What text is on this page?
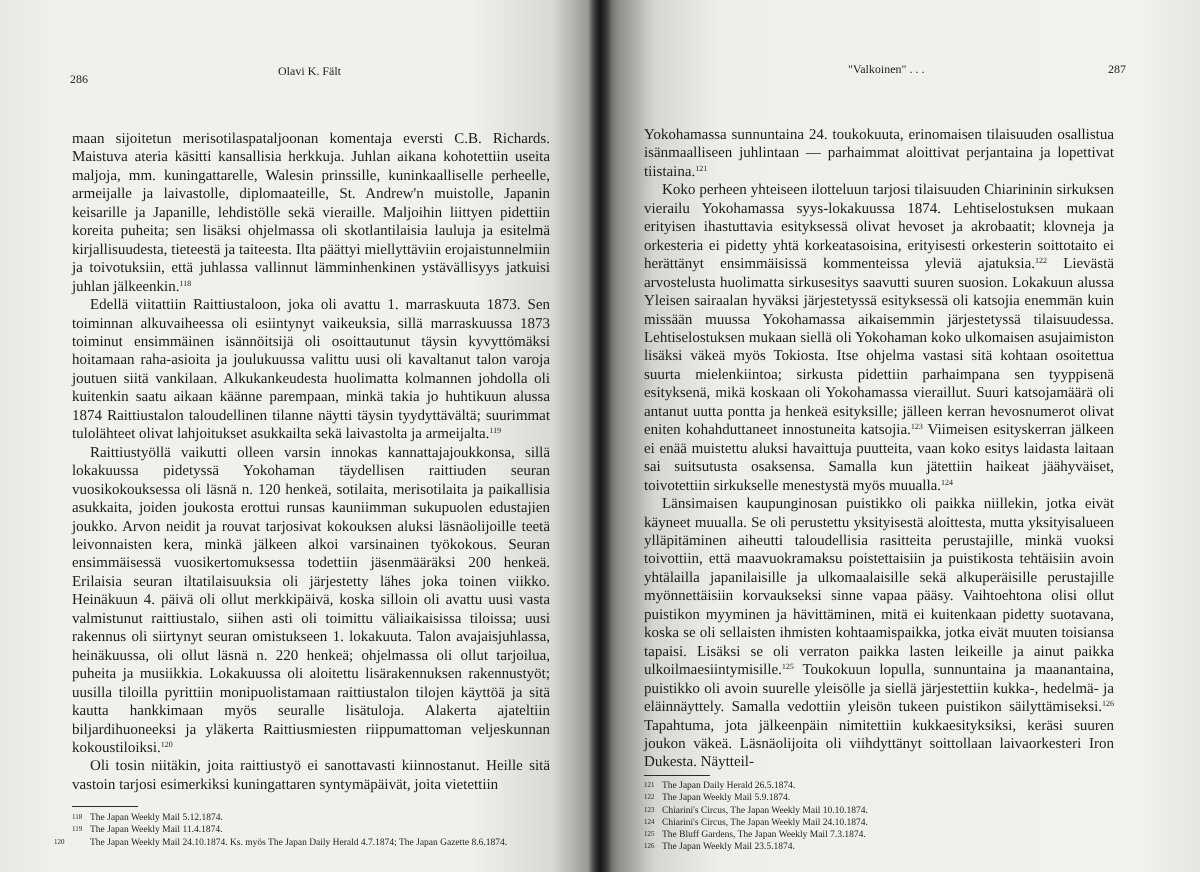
286
Olavi K. Fält

maan sijoitetun merisotilaspataljoonan komentaja eversti C.B. Richards. Maistuva ateria käsitti kansallisia herkkuja. Juhlan aikana kohotettiin useita maljoja, mm. kuningattarelle, Walesin prinssille, kuninkaalliselle perheelle, armeijalle ja laivastolle, diplomaateille, St. Andrew'n muistolle, Japanin keisarille ja Japanille, lehdistölle sekä vieraille. Maljoihin liittyen pidettiin koreita puheita; sen lisäksi ohjelmassa oli skotlantilaisia lauluja ja esitelmä kirjallisuudesta, tieteestä ja taiteesta. Ilta päättyi miellyttäviin erojaistunnelmiin ja toivotuksiin, että juhlassa vallinnut lämminhenkinen ystävällisyys jatkuisi juhlan jälkeenkin.$^{118}$

Edellä viitattiin Raittiustaloon, joka oli avattu 1. marraskuuta 1873. Sen toiminnan alkuvaiheessa oli esiintynyt vaikeuksia, sillä marraskuussa 1873 toiminut ensimmäinen isännöitsijä oli osoittautunut täysin kyvyttömäksi hoitamaan raha-asioita ja joulukuussa valittu uusi oli kavaltanut talon varoja joutuen siitä vankilaan. Alkukankeudesta huolimatta kolmannen johdolla oli kuitenkin saatu aikaan käänne parempaan, minkä takia jo huhtikuun alussa 1874 Raittiustalon taloudellinen tilanne näytti täysin tyydyttävältä; suurimmat tulolähteet olivat lahjoitukset asukkailta sekä laivastolta ja armeijalta.$^{119}$

Raittiustyöllä vaikutti olleen varsin innokas kannattajajoukkonsa, sillä lokakuussa pidetyssä Yokohaman täydellisen raittiuden seuran vuosikokouksessa oli läsnä n. 120 henkeä, sotilaita, merisotilaita ja paikallisia asukkaita, joiden joukosta erottui runsas kauniimman sukupuolen edustajien joukko. Arvon neidit ja rouvat tarjosivat kokouksen aluksi läsnäolijoille teetä leivonnaisten kera, minkä jälkeen alkoi varsinainen työkokous. Seuran ensimmäisessä vuosikertomuksessa todettiin jäsenmääräksi 200 henkeä. Erilaisia seuran iltatilaisuuksia oli järjestetty lähes joka toinen viikko. Heinäkuun 4. päivä oli ollut merkkipäivä, koska silloin oli avattu uusi vasta valmistunut raittiustalo, siihen asti oli toimittu väliaikaisissa tiloissa; uusi rakennus oli siirtynyt seuran omistukseen 1. lokakuuta. Talon avajaisjuhlassa, heinäkuussa, oli ollut läsnä n. 220 henkeä; ohjelmassa oli ollut tarjoilua, puheita ja musiikkia. Lokakuussa oli aloitettu lisärakennuksen rakennustyöt; uusilla tiloilla pyrittiin monipuolistamaan raittiustalon tilojen käyttöä ja sitä kautta hankkimaan myös seuralle lisätuloja. Alakerta ajateltiin biljardihuoneeksi ja yläkerta Raittiusmiesten riippumattoman veljeskunnan kokoustiloiksi.$^{120}$

Oli tosin niitäkin, joita raittiustyö ei sanottavasti kiinnostanut. Heille sitä vastoin tarjosi esimerkiksi kuningattaren syntymäpäivät, joita vietettiin

118 The Japan Weekly Mail 5.12.1874.
119 The Japan Weekly Mail 11.4.1874.
120	The Japan Weekly Mail 24.10.1874. Ks. myös The Japan Daily Herald 4.7.1874; The Japan Gazette 8.6.1874.
"Valkoinen" . . .	287

Yokohamassa sunnuntaina 24. toukokuuta, erinomaisen tilaisuuden osallistua isänmaalliseen juhlintaan — parhaimmat aloittivat perjantaina ja lopettivat tiistaina.$^{121}$

Koko perheen yhteiseen ilotteluun tarjosi tilaisuuden Chiarininin sirkuksen vierailu Yokohamassa syys-lokakuussa 1874. Lehtiselostuksen mukaan erityisen ihastuttavia esityksessä olivat hevoset ja akrobaatit; klovneja ja orkesteria ei pidetty yhtä korkeatasoisina, erityisesti orkesterin soittotaito ei herättänyt ensimmäisissä kommenteissa yleviä ajatuksia.$^{122}$ Lievästä arvostelusta huolimatta sirkusesitys saavutti suuren suosion. Lokakuun alussa Yleisen sairaalan hyväksi järjestetyssä esityksessä oli katsojia enemmän kuin missään muussa Yokohamassa aikaisemmin järjestetyssä tilaisuudessa. Lehtiselostuksen mukaan siellä oli Yokohaman koko ulkomaisen asujaimiston lisäksi väkeä myös Tokiosta. Itse ohjelma vastasi sitä kohtaan osoitettua suurta mielenkiintoa; sirkusta pidettiin parhaimpana sen tyyppisenä esityksenä, mikä koskaan oli Yokohamassa vieraillut. Suuri katsojamäärä oli antanut uutta pontta ja henkeä esityksille; jälleen kerran hevosnumerot olivat eniten kohahduttaneet innostuneita katsojia.$^{123}$ Viimeisen esityskerran jälkeen ei enää muistettu aluksi havaittuja puutteita, vaan koko esitys laidasta laitaan sai suitsutusta osaksensa. Samalla kun jätettiin haikeat jäähyväiset, toivotettiin sirkukselle menestystä myös muualla.$^{124}$

Länsimaisen kaupunginosan puistikko oli paikka niillekin, jotka eivät käyneet muualla. Se oli perustettu yksityisestä aloittesta, mutta yksityisalueen ylläpitäminen aiheutti taloudellisia rasitteita perustajille, minkä vuoksi toivottiin, että maavuokramaksu poistettaisiin ja puistikosta tehtäisiin avoin yhtälailla japanilaisille ja ulkomaalaisille sekä alkuperäisille perustajille myönnettäisiin korvaukseksi sinne vapaa pääsy. Vaihtoehtona olisi ollut puistikon myyminen ja hävittäminen, mitä ei kuitenkaan pidetty suotavana, koska se oli sellaisten ihmisten kohtaamispaikka, jotka eivät muuten toisiansa tapaisi. Lisäksi se oli verraton paikka lasten leikeille ja ainut paikka ulkoilmaesiintymisille.$^{125}$ Toukokuun lopulla, sunnuntaina ja maanantaina, puistikko oli avoin suurelle yleisölle ja siellä järjestettiin kukka-, hedelmä- ja eläinnäyttely. Samalla vedottiin yleisön tukeen puistikon säilyttämiseksi.$^{126}$ Tapahtuma, jota jälkeenpäin nimitettiin kukkaesityksiksi, keräsi suuren joukon väkeä. Läsnäolijoita oli viihdyttänyt soittollaan laivaorkesteri Iron Dukesta. Näytteil-

121 The Japan Daily Herald 26.5.1874.
122 The Japan Weekly Mail 5.9.1874.
123 Chiarini's Circus, The Japan Weekly Mail 10.10.1874.
124 Chiarini's Circus, The Japan Weekly Mail 24.10.1874.
125 The Bluff Gardens, The Japan Weekly Mail 7.3.1874.
126 The Japan Weekly Mail 23.5.1874.
